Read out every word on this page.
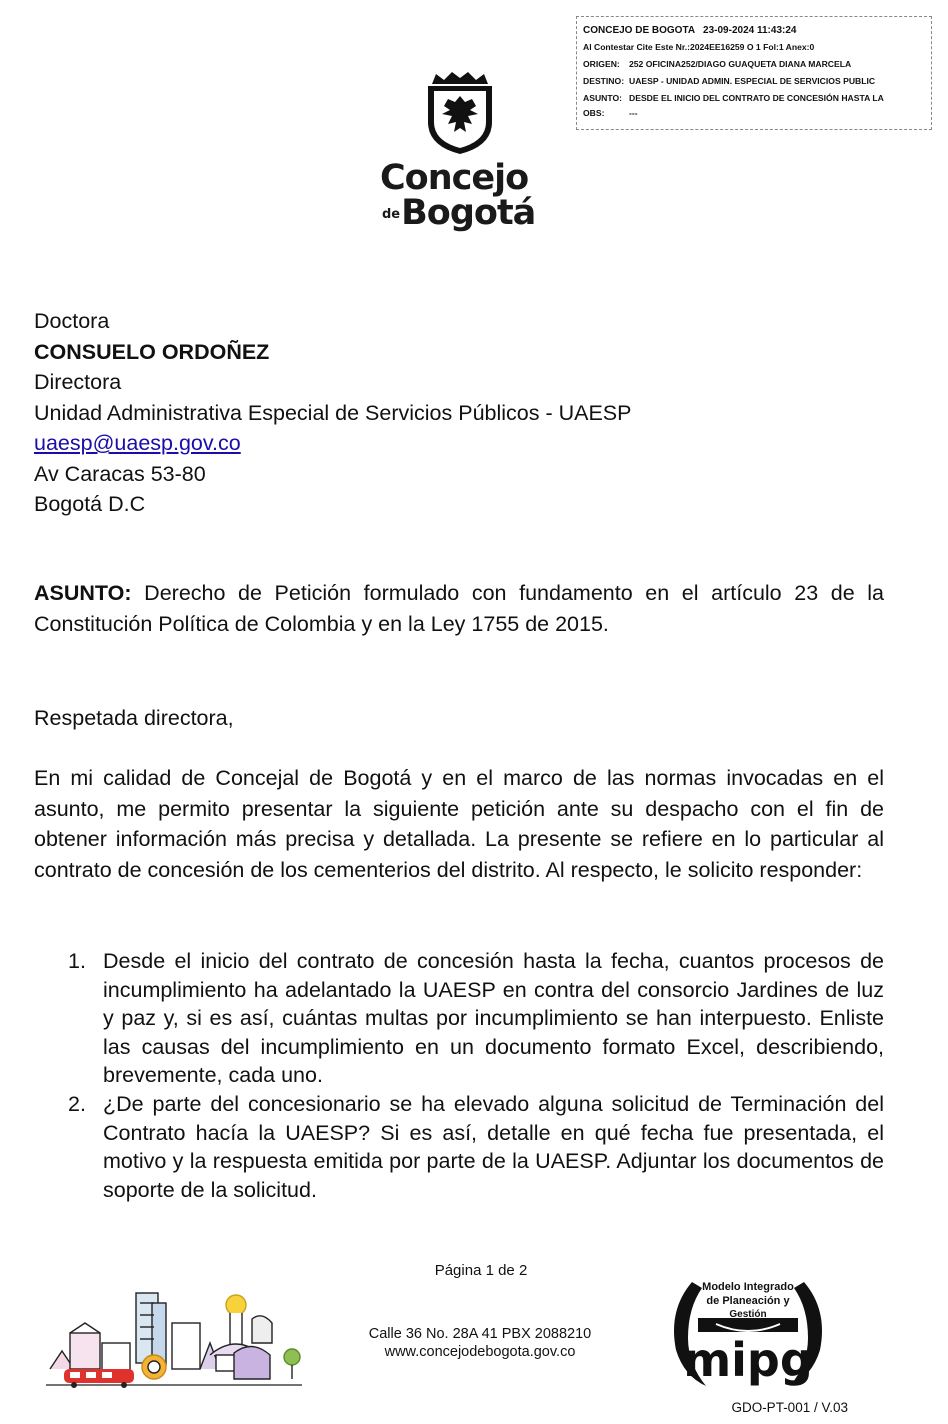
CONCEJO DE BOGOTA 23-09-2024 11:43:24
Al Contestar Cite Este Nr.:2024EE16259 O 1 Fol:1 Anex:0
ORIGEN: 252 OFICINA252/DIAGO GUAQUETA DIANA MARCELA
DESTINO: UAESP - UNIDAD ADMIN. ESPECIAL DE SERVICIOS PUBLIC
ASUNTO: DESDE EL INICIO DEL CONTRATO DE CONCESIÓN HASTA LA
OBS:	---
Concejo
deBogotá
Doctora
CONSUELO ORDOÑEZ
Directora
Unidad Administrativa Especial de Servicios Públicos - UAESP
uaesp@uaesp.gov.co
Av Caracas 53-80
Bogotá D.C
ASUNTO: Derecho de Petición formulado con fundamento en el artículo 23 de la Constitución Política de Colombia y en la Ley 1755 de 2015.
Respetada directora,
En mi calidad de Concejal de Bogotá y en el marco de las normas invocadas en el asunto, me permito presentar la siguiente petición ante su despacho con el fin de obtener información más precisa y detallada. La presente se refiere en lo particular al contrato de concesión de los cementerios del distrito. Al respecto, le solicito responder:
1. Desde el inicio del contrato de concesión hasta la fecha, cuantos procesos de incumplimiento ha adelantado la UAESP en contra del consorcio Jardines de luz y paz y, si es así, cuántas multas por incumplimiento se han interpuesto. Enliste las causas del incumplimiento en un documento formato Excel, describiendo, brevemente, cada uno.
2. ¿De parte del concesionario se ha elevado alguna solicitud de Terminación del Contrato hacía la UAESP? Si es así, detalle en qué fecha fue presentada, el motivo y la respuesta emitida por parte de la UAESP. Adjuntar los documentos de soporte de la solicitud.
Página 1 de 2
Calle 36 No. 28A 41 PBX 2088210
www.concejodebogota.gov.co
Modelo Integrado
de Planeación y
Gestión
mipg
GDO-PT-001 / V.03
